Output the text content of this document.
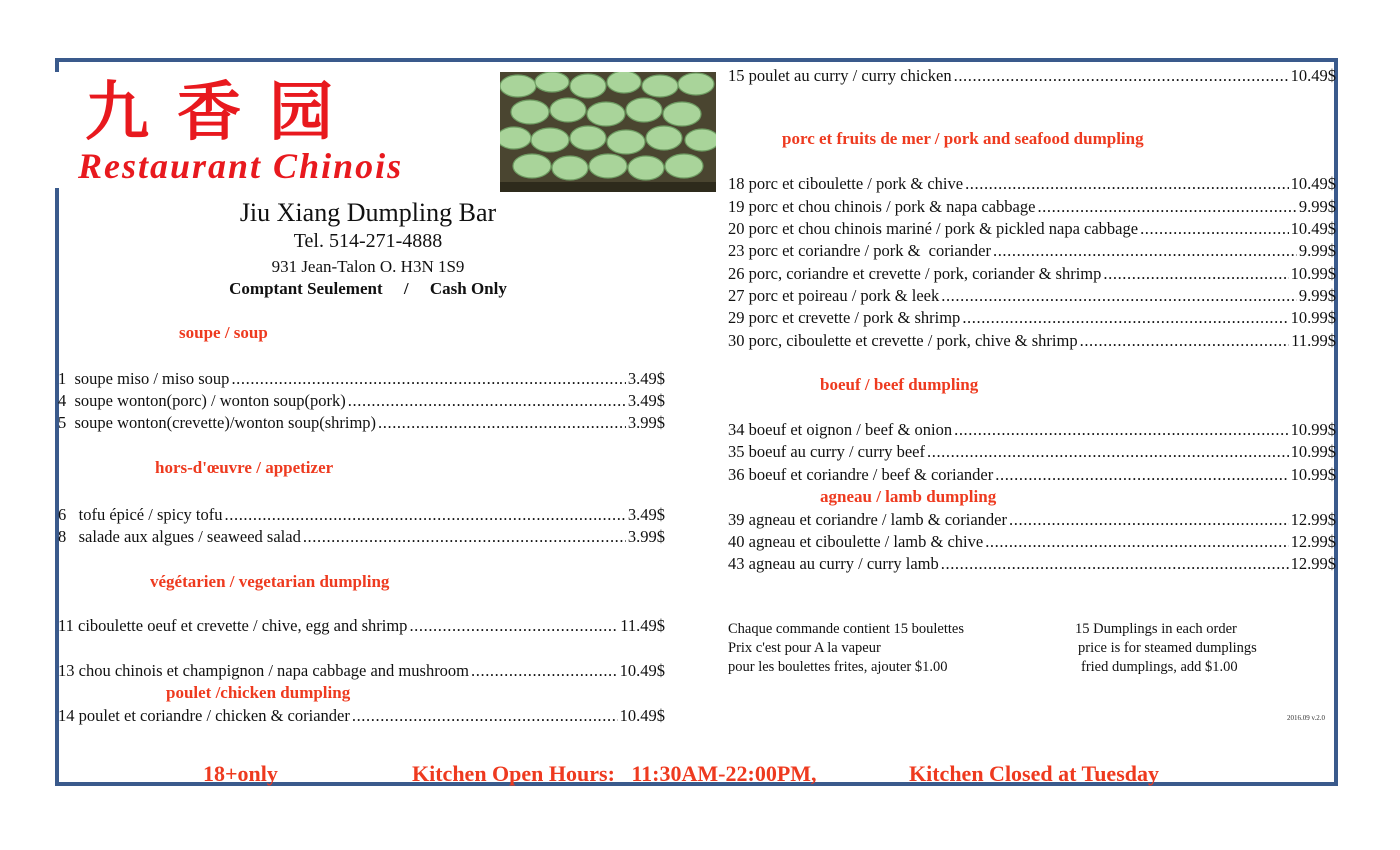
九香园
Restaurant Chinois
Jiu Xiang Dumpling Bar
Tel. 514-271-4888
931 Jean-Talon O. H3N 1S9
Comptant Seulement     /     Cash Only
soupe / soup
1  soupe miso / miso soup .....	3.49$
4  soupe wonton(porc) / wonton soup(pork) .....	3.49$
5  soupe wonton(crevette)/wonton soup(shrimp) .....	3.99$
hors-d'œuvre / appetizer
6   tofu épicé / spicy tofu .....	3.49$
8   salade aux algues / seaweed salad .....	3.99$
végétarien / vegetarian dumpling
11 ciboulette oeuf et crevette / chive, egg and shrimp .....	11.49$
13 chou chinois et champignon / napa cabbage and mushroom .....	10.49$
poulet /chicken dumpling
14 poulet et coriandre / chicken & coriander .....	10.49$
15 poulet au curry / curry chicken .....	10.49$
porc et fruits de mer / pork and seafood dumpling
18 porc et ciboulette / pork & chive .....	10.49$
19 porc et chou chinois / pork & napa cabbage .....	9.99$
20 porc et chou chinois mariné / pork & pickled napa cabbage .....	10.49$
23 porc et coriandre / pork &  coriander .....	9.99$
26 porc, coriandre et crevette / pork, coriander & shrimp .....	10.99$
27 porc et poireau / pork & leek .....	9.99$
29 porc et crevette / pork & shrimp .....	10.99$
30 porc, ciboulette et crevette / pork, chive & shrimp .....	11.99$
boeuf / beef dumpling
34 boeuf et oignon / beef & onion .....	10.99$
35 boeuf au curry / curry beef .....	10.99$
36 boeuf et coriandre / beef & coriander .....	10.99$
agneau / lamb dumpling
39 agneau et coriandre / lamb & coriander .....	12.99$
40 agneau et ciboulette / lamb & chive .....	12.99$
43 agneau au curry / curry lamb .....	12.99$
Chaque commande contient 15 boulettes
Prix c'est pour A la vapeur
pour les boulettes frites, ajouter $1.00
15 Dumplings in each order
price is for steamed dumplings
fried dumplings, add $1.00
2016.09 v.2.0
18+only	Kitchen Open Hours:   11:30AM-22:00PM,	Kitchen Closed at Tuesday
